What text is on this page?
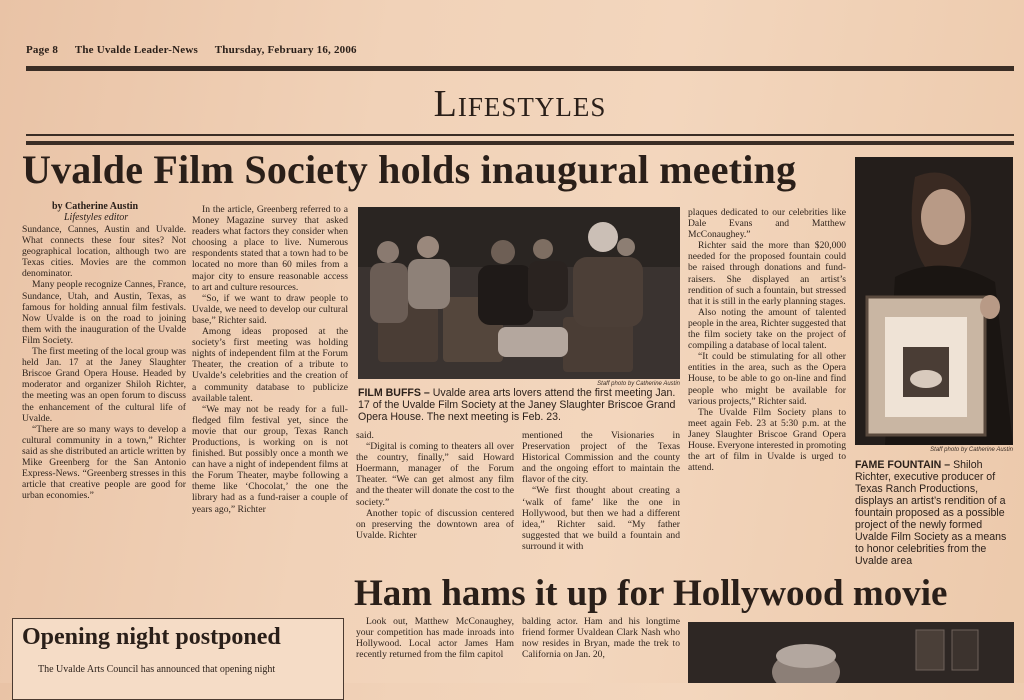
Page 8 The Uvalde Leader-News Thursday, February 16, 2006
Lifestyles
Uvalde Film Society holds inaugural meeting
by Catherine Austin
Lifestyles editor

Sundance, Cannes, Austin and Uvalde. What connects these four sites? Not geographical location, although two are Texas cities. Movies are the common denominator.

Many people recognize Cannes, France, Sundance, Utah, and Austin, Texas, as famous for holding annual film festivals. Now Uvalde is on the road to joining them with the inauguration of the Uvalde Film Society.

The first meeting of the local group was held Jan. 17 at the Janey Slaughter Briscoe Grand Opera House. Headed by moderator and organizer Shiloh Richter, the meeting was an open forum to discuss the enhancement of the cultural life of Uvalde.

“There are so many ways to develop a cultural community in a town,” Richter said as she distributed an article written by Mike Greenberg for the San Antonio Express-News. “Greenberg stresses in this article that creative people are good for urban economies.”

In the article, Greenberg referred to a Money Magazine survey that asked readers what factors they consider when choosing a place to live. Numerous respondents stated that a town had to be located no more than 60 miles from a major city to ensure reasonable access to art and culture resources.

“So, if we want to draw people to Uvalde, we need to develop our cultural base,” Richter said.

Among ideas proposed at the society’s first meeting was holding nights of independent film at the Forum Theater, the creation of a tribute to Uvalde’s celebrities and the creation of a community database to publicize available talent.

“We may not be ready for a full-fledged film festival yet, since the movie that our group, Texas Ranch Productions, is working on is not finished. But possibly once a month we can have a night of independent films at the Forum Theater, maybe following a theme like ‘Chocolat,’ the one the library had as a fund-raiser a couple of years ago,” Richter

Staff photo by Catherine Austin
FILM BUFFS – Uvalde area arts lovers attend the first meeting Jan. 17 of the Uvalde Film Society at the Janey Slaughter Briscoe Grand Opera House. The next meeting is Feb. 23.

said.

“Digital is coming to theaters all over the country, finally,” said Howard Hoermann, manager of the Forum Theater. “We can get almost any film and the theater will donate the cost to the society.”

Another topic of discussion centered on preserving the downtown area of Uvalde. Richter

mentioned the Visionaries in Preservation project of the Texas Historical Commission and the county and the ongoing effort to maintain the flavor of the city.

“We first thought about creating a ‘walk of fame’ like the one in Hollywood, but then we had a different idea,” Richter said. “My father suggested that we build a fountain and surround it with

plaques dedicated to our celebrities like Dale Evans and Matthew McConaughey.”

Richter said the more than $20,000 needed for the proposed fountain could be raised through donations and fund-raisers. She displayed an artist’s rendition of such a fountain, but stressed that it is still in the early planning stages.

Also noting the amount of talented people in the area, Richter suggested that the film society take on the project of compiling a database of local talent.

“It could be stimulating for all other entities in the area, such as the Opera House, to be able to go on-line and find people who might be available for various projects,” Richter said.

The Uvalde Film Society plans to meet again Feb. 23 at 5:30 p.m. at the Janey Slaughter Briscoe Grand Opera House. Everyone interested in promoting the art of film in Uvalde is urged to attend.

Staff photo by Catherine Austin
FAME FOUNTAIN – Shiloh Richter, executive producer of Texas Ranch Productions, displays an artist’s rendition of a fountain proposed as a possible project of the newly formed Uvalde Film Society as a means to honor celebrities from the Uvalde area
Ham hams it up for Hollywood movie

Look out, Matthew McConaughey, your competition has made inroads into Hollywood. Local actor James Ham recently returned from the film capitol

balding actor. Ham and his longtime friend former Uvaldean Clark Nash who now resides in Bryan, made the trek to California on Jan. 20,

Opening night postponed
The Uvalde Arts Council has announced that opening night
